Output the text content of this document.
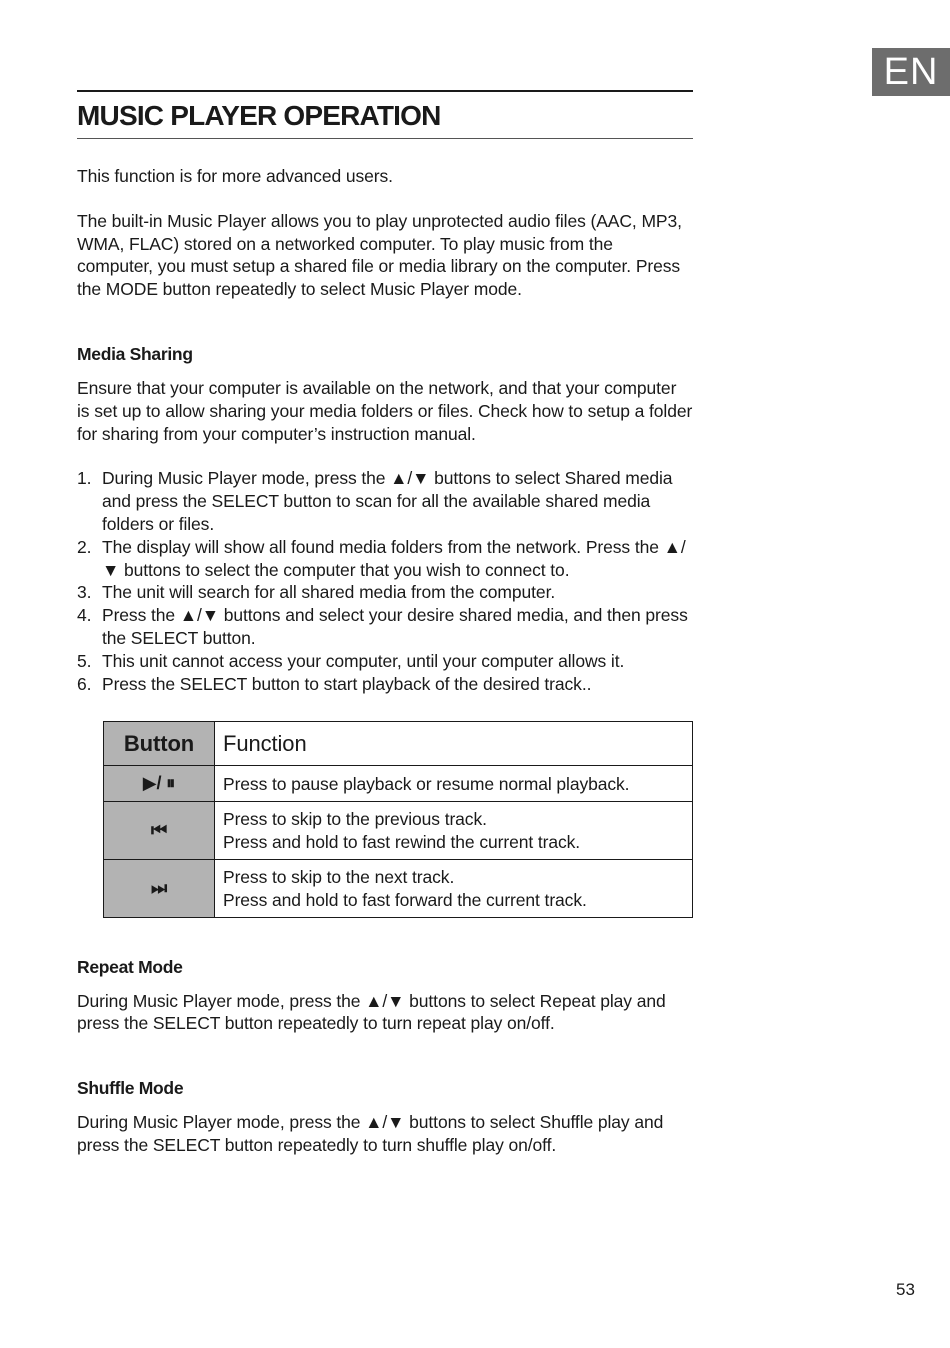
EN
MUSIC PLAYER OPERATION

This function is for more advanced users.

The built-in Music Player allows you to play unprotected audio files (AAC, MP3, WMA, FLAC) stored on a networked computer. To play music from the computer, you must setup a shared file or media library on the computer. Press the MODE button repeatedly to select Music Player mode.

Media Sharing

Ensure that your computer is available on the network, and that your computer is set up to allow sharing your media folders or files. Check how to setup a folder for sharing from your computer’s instruction manual.

1. During Music Player mode, press the ▲/▼ buttons to select Shared media and press the SELECT button to scan for all the available shared media folders or files.
2. The display will show all found media folders from the network. Press the ▲/▼ buttons to select the computer that you wish to connect to.
3. The unit will search for all shared media from the computer.
4. Press the ▲/▼ buttons and select your desire shared media, and then press the SELECT button.
5. This unit cannot access your computer, until your computer allows it.
6. Press the SELECT button to start playback of the desired track..
Button	Function
▶/ ⏸	Press to pause playback or resume normal playback.

⏮	Press to skip to the previous track.
Press and hold to fast rewind the current track.

⏭	Press to skip to the next track.
Press and hold to fast forward the current track.
Repeat Mode

During Music Player mode, press the ▲/▼ buttons to select Repeat play and press the SELECT button repeatedly to turn repeat play on/off.

Shuffle Mode

During Music Player mode, press the ▲/▼ buttons to select Shuffle play and press the SELECT button repeatedly to turn shuffle play on/off.

53
